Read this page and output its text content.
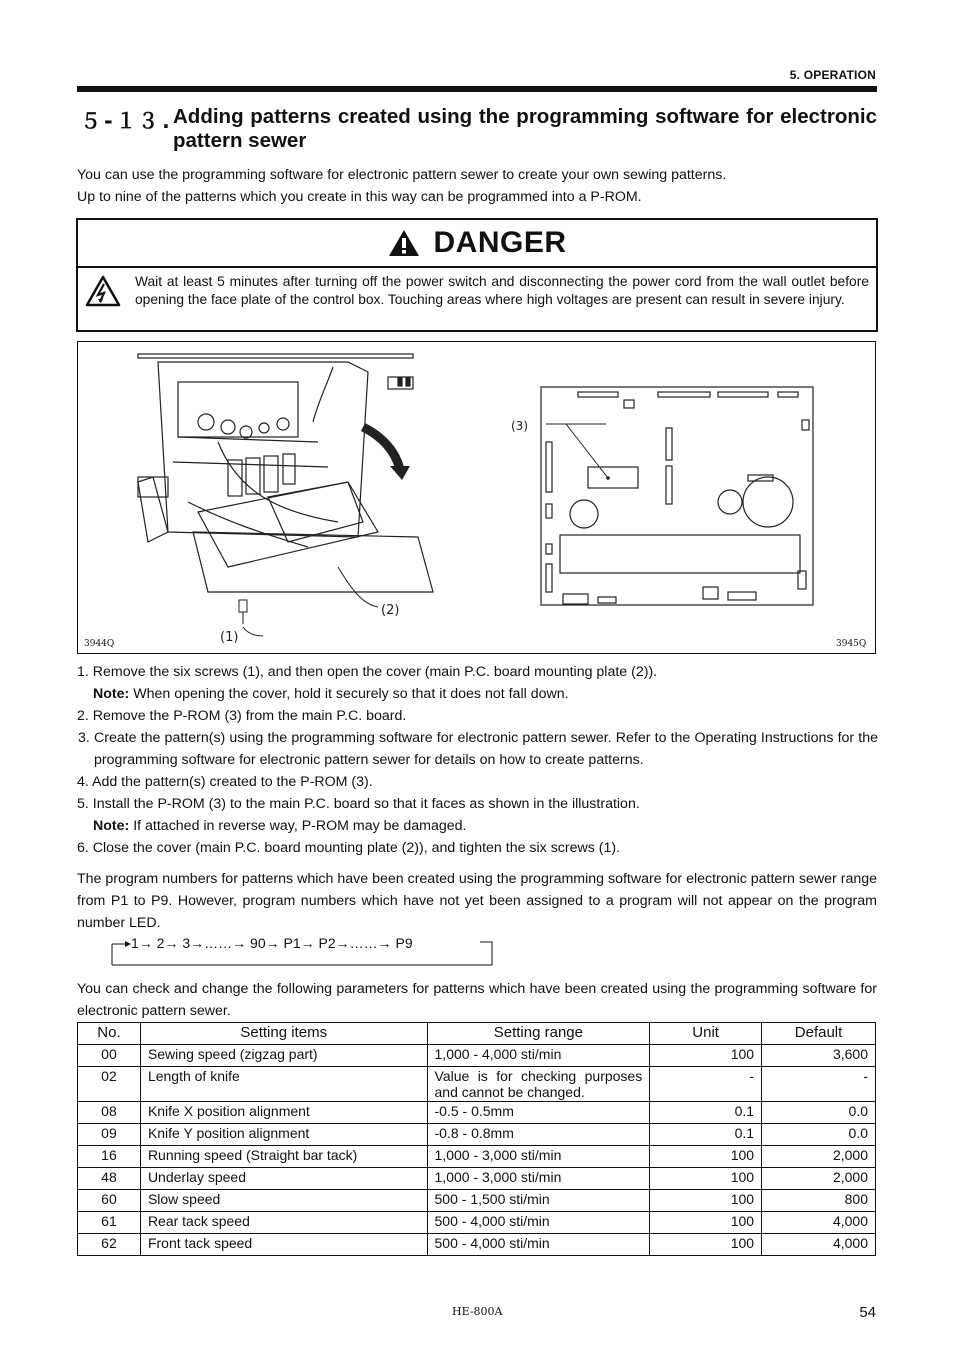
5. OPERATION
５-１３. Adding patterns created using the programming software for electronic pattern sewer
You can use the programming software for electronic pattern sewer to create your own sewing patterns.
Up to nine of the patterns which you create in this way can be programmed into a P-ROM.
DANGER
Wait at least 5 minutes after turning off the power switch and disconnecting the power cord from the wall outlet before opening the face plate of the control box. Touching areas where high voltages are present can result in severe injury.
(1)
(2)
(3)
3944Q	3945Q
1. Remove the six screws (1), and then open the cover (main P.C. board mounting plate (2)).
Note: When opening the cover, hold it securely so that it does not fall down.
2. Remove the P-ROM (3) from the main P.C. board.
3. Create the pattern(s) using the programming software for electronic pattern sewer. Refer to the Operating Instructions for the programming software for electronic pattern sewer for details on how to create patterns.
4. Add the pattern(s) created to the P-ROM (3).
5. Install the P-ROM (3) to the main P.C. board so that it faces as shown in the illustration.
Note: If attached in reverse way, P-ROM may be damaged.
6. Close the cover (main P.C. board mounting plate (2)), and tighten the six screws (1).
The program numbers for patterns which have been created using the programming software for electronic pattern sewer range from P1 to P9. However, program numbers which have not yet been assigned to a program will not appear on the program number LED.
1→ 2→ 3→……→ 90→ P1→ P2→……→ P9
You can check and change the following parameters for patterns which have been created using the programming software for electronic pattern sewer.
No.	Setting items	Setting range	Unit	Default
00	Sewing speed (zigzag part)	1,000 - 4,000 sti/min	100	3,600
02	Length of knife	Value is for checking purposes and cannot be changed.	-	-
08	Knife X position alignment	-0.5 - 0.5mm	0.1	0.0
09	Knife Y position alignment	-0.8 - 0.8mm	0.1	0.0
16	Running speed (Straight bar tack)	1,000 - 3,000 sti/min	100	2,000
48	Underlay speed	1,000 - 3,000 sti/min	100	2,000
60	Slow speed	500 - 1,500 sti/min	100	800
61	Rear tack speed	500 - 4,000 sti/min	100	4,000
62	Front tack speed	500 - 4,000 sti/min	100	4,000
HE-800A	54
